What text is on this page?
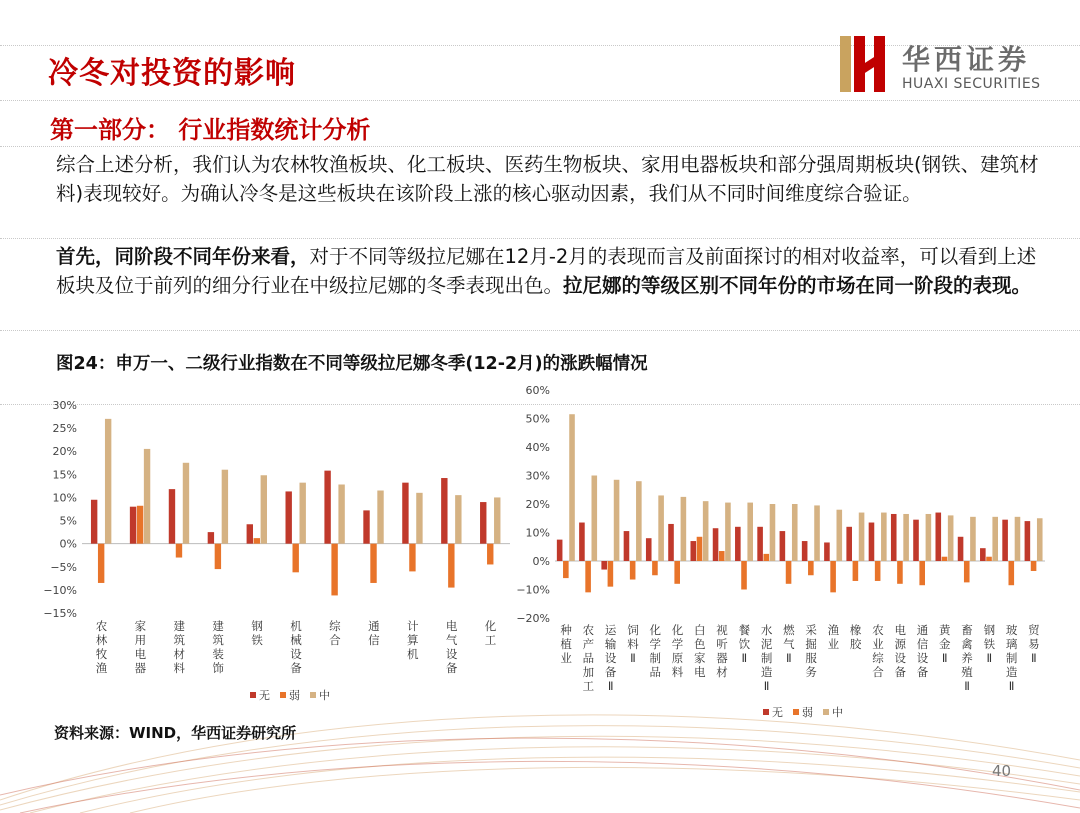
冷冬对投资的影响	华西证券
HUAXI SECURITIES
第一部分： 行业指数统计分析
综合上述分析，我们认为农林牧渔板块、化工板块、医药生物板块、家用电器板块和部分强周期板块(钢铁、建筑材料)表现较好。为确认冷冬是这些板块在该阶段上涨的核心驱动因素，我们从不同时间维度综合验证。
首先，同阶段不同年份来看，对于不同等级拉尼娜在12月-2月的表现而言及前面探讨的相对收益率，可以看到上述板块及位于前列的细分行业在中级拉尼娜的冬季表现出色。拉尼娜的等级区别不同年份的市场在同一阶段的表现。
图24：申万一、二级行业指数在不同等级拉尼娜冬季(12-2月)的涨跌幅情况
30%
25%
20%
15%
10%
5%
0%
−5%
−10%
−15%
农林牧渔
家用电器
建筑材料
建筑装饰
钢铁
机械设备
综合
通信
计算机
电气设备
化工
无 弱 中
60%
50%
40%
30%
20%
10%
0%
−10%
−20%
种植业
农产品加工
运输设备 Ⅱ
饲料 Ⅱ
化学制品
化学原料
白色家电
视听器材
餐饮 Ⅱ
水泥制造 Ⅱ
燃气 Ⅱ
采掘服务
渔业
橡胶
农业综合
电源设备
通信设备
黄金 Ⅱ
畜禽养殖 Ⅱ
钢铁 Ⅱ
玻璃制造 Ⅱ
贸易 Ⅱ
无 弱 中
资料来源：WIND，华西证券研究所
40
